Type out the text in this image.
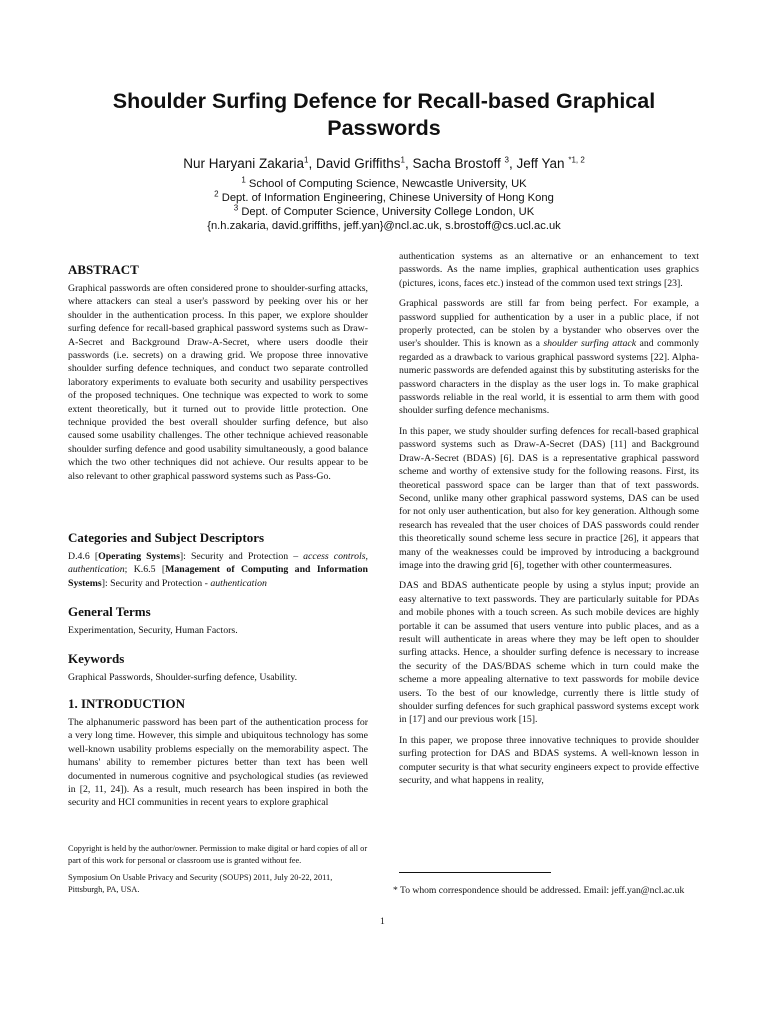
Shoulder Surfing Defence for Recall-based Graphical
Passwords
Nur Haryani Zakaria$^1$, David Griffiths$^1$, Sacha Brostoff $^3$, Jeff Yan $^{*1, 2}$
$^1$ School of Computing Science, Newcastle University, UK
$^2$ Dept. of Information Engineering, Chinese University of Hong Kong
$^3$ Dept. of Computer Science, University College London, UK
{n.h.zakaria, david.griffiths, jeff.yan}@ncl.ac.uk, s.brostoff@cs.ucl.ac.uk
ABSTRACT

Graphical passwords are often considered prone to shoulder-surfing attacks, where attackers can steal a user's password by peeking over his or her shoulder in the authentication process. In this paper, we explore shoulder surfing defence for recall-based graphical password systems such as Draw-A-Secret and Background Draw-A-Secret, where users doodle their passwords (i.e. secrets) on a drawing grid. We propose three innovative shoulder surfing defence techniques, and conduct two separate controlled laboratory experiments to evaluate both security and usability perspectives of the proposed techniques. One technique was expected to work to some extent theoretically, but it turned out to provide little protection. One technique provided the best overall shoulder surfing defence, but also caused some usability challenges. The other technique achieved reasonable shoulder surfing defence and good usability simultaneously, a good balance which the two other techniques did not achieve. Our results appear to be also relevant to other graphical password systems such as Pass-Go.

Categories and Subject Descriptors
D.4.6 [Operating Systems]: Security and Protection – access controls, authentication; K.6.5 [Management of Computing and Information Systems]: Security and Protection - authentication
General Terms
Experimentation, Security, Human Factors.
Keywords
Graphical Passwords, Shoulder-surfing defence, Usability.
1. INTRODUCTION
The alphanumeric password has been part of the authentication process for a very long time. However, this simple and ubiquitous technology has some well-known usability problems especially on the memorability aspect. The humans' ability to remember pictures better than text has been well documented in numerous cognitive and psychological studies (as reviewed in [2, 11, 24]). As a result, much research has been inspired in both the security and HCI communities in recent years to explore graphical

Copyright is held by the author/owner. Permission to make digital or hard copies of all or part of this work for personal or classroom use is granted without fee.

Symposium On Usable Privacy and Security (SOUPS) 2011, July 20-22, 2011, Pittsburgh, PA, USA.

authentication systems as an alternative or an enhancement to text passwords. As the name implies, graphical authentication uses graphics (pictures, icons, faces etc.) instead of the common used text strings [23].

Graphical passwords are still far from being perfect. For example, a password supplied for authentication by a user in a public place, if not properly protected, can be stolen by a bystander who observes over the user's shoulder. This is known as a shoulder surfing attack and commonly regarded as a drawback to various graphical password systems [22]. Alpha-numeric passwords are defended against this by substituting asterisks for the password characters in the display as the user logs in. To make graphical passwords reliable in the real world, it is essential to arm them with good shoulder surfing defence mechanisms.

In this paper, we study shoulder surfing defences for recall-based graphical password systems such as Draw-A-Secret (DAS) [11] and Background Draw-A-Secret (BDAS) [6]. DAS is a representative graphical password scheme and worthy of extensive study for the following reasons. First, its theoretical password space can be larger than that of text passwords. Second, unlike many other graphical password systems, DAS can be used for not only user authentication, but also for key generation. Although some research has revealed that the user choices of DAS passwords could render this theoretically sound scheme less secure in practice [26], it appears that many of the weaknesses could be improved by introducing a background image into the drawing grid [6], together with other countermeasures.

DAS and BDAS authenticate people by using a stylus input; provide an easy alternative to text passwords. They are particularly suitable for PDAs and mobile phones with a touch screen. As such mobile devices are highly portable it can be assumed that users venture into public places, and as a result will authenticate in areas where they may be left open to shoulder surfing attacks. Hence, a shoulder surfing defence is necessary to increase the security of the DAS/BDAS scheme which in turn could make the scheme a more appealing alternative to text passwords for mobile device users. To the best of our knowledge, currently there is little study of shoulder surfing defences for such graphical password systems except work in [17] and our previous work [15].

In this paper, we propose three innovative techniques to provide shoulder surfing protection for DAS and BDAS systems. A well-known lesson in computer security is that what security engineers expect to provide effective security, and what happens in reality,

* To whom correspondence should be addressed. Email: jeff.yan@ncl.ac.uk
1
